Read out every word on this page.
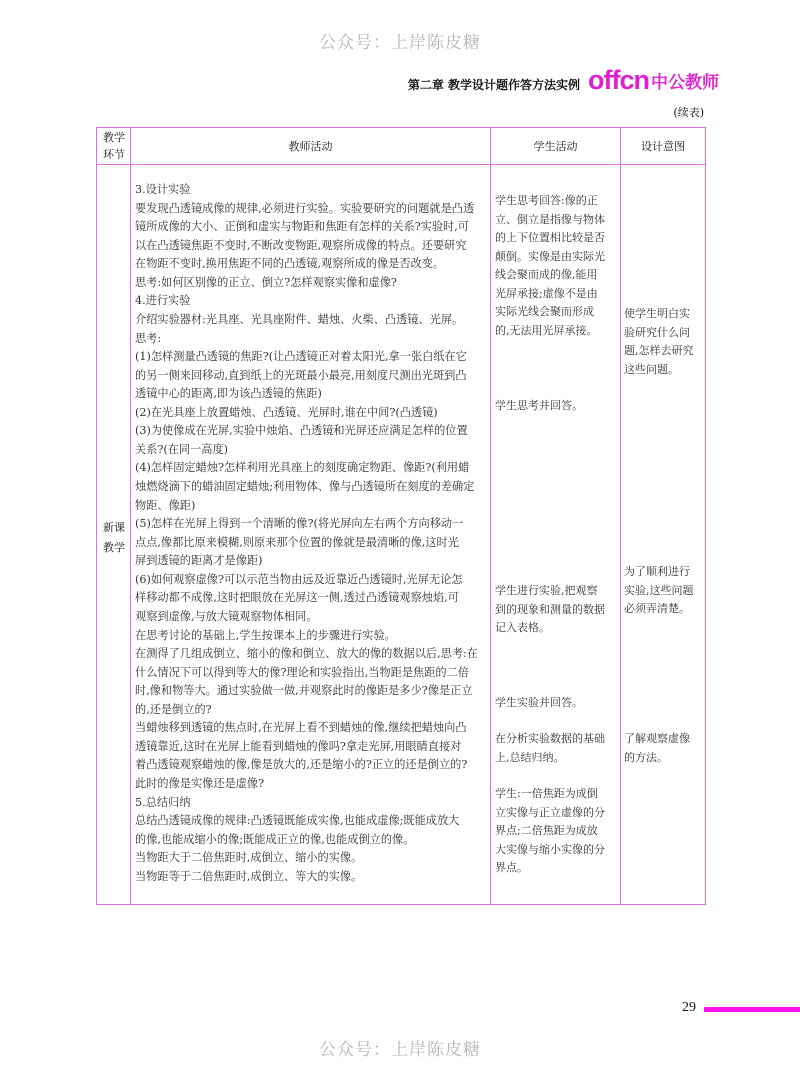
公众号：上岸陈皮糖
第二章 教学设计题作答方法实例 offcn 中公教师
(续表)
教学环节
教师活动	学生活动	设计意图
新课教学
3.设计实验
要发现凸透镜成像的规律,必须进行实验。实验要研究的问题就是凸透
镜所成像的大小、正倒和虚实与物距和焦距有怎样的关系?实验时,可
以在凸透镜焦距不变时,不断改变物距,观察所成像的特点。还要研究
在物距不变时,换用焦距不同的凸透镜,观察所成的像是否改变。
思考:如何区别像的正立、倒立?怎样观察实像和虚像?
4.进行实验
介绍实验器材:光具座、光具座附件、蜡烛、火柴、凸透镜、光屏。
思考:
(1)怎样测量凸透镜的焦距?(让凸透镜正对着太阳光,拿一张白纸在它
的另一侧来回移动,直到纸上的光斑最小最亮,用刻度尺测出光斑到凸
透镜中心的距离,即为该凸透镜的焦距)
(2)在光具座上放置蜡烛、凸透镜、光屏时,谁在中间?(凸透镜)
(3)为使像成在光屏,实验中烛焰、凸透镜和光屏还应满足怎样的位置
关系?(在同一高度)
(4)怎样固定蜡烛?怎样利用光具座上的刻度确定物距、像距?(利用蜡
烛燃烧滴下的蜡油固定蜡烛;利用物体、像与凸透镜所在刻度的差确定
物距、像距)
(5)怎样在光屏上得到一个清晰的像?(将光屏向左右两个方向移动一
点点,像都比原来模糊,则原来那个位置的像就是最清晰的像,这时光
屏到透镜的距离才是像距)
(6)如何观察虚像?可以示范当物由远及近靠近凸透镜时,光屏无论怎
样移动都不成像,这时把眼放在光屏这一侧,透过凸透镜观察烛焰,可
观察到虚像,与放大镜观察物体相同。
在思考讨论的基础上,学生按课本上的步骤进行实验。
在测得了几组成倒立、缩小的像和倒立、放大的像的数据以后,思考:在
什么情况下可以得到等大的像?理论和实验指出,当物距是焦距的二倍
时,像和物等大。通过实验做一做,并观察此时的像距是多少?像是正立
的,还是倒立的?
当蜡烛移到透镜的焦点时,在光屏上看不到蜡烛的像,继续把蜡烛向凸
透镜靠近,这时在光屏上能看到蜡烛的像吗?拿走光屏,用眼睛直接对
着凸透镜观察蜡烛的像,像是放大的,还是缩小的?正立的还是倒立的?
此时的像是实像还是虚像?
5.总结归纳
总结凸透镜成像的规律:凸透镜既能成实像,也能成虚像;既能成放大
的像,也能成缩小的像;既能成正立的像,也能成倒立的像。
当物距大于二倍焦距时,成倒立、缩小的实像。
当物距等于二倍焦距时,成倒立、等大的实像。
学生思考回答:像的正
立、倒立是指像与物体
的上下位置相比较是否
颠倒。实像是由实际光
线会聚而成的像,能用
光屏承接;虚像不是由
实际光线会聚而形成
的,无法用光屏承接。
学生思考并回答。
学生进行实验,把观察
到的现象和测量的数据
记入表格。
学生实验并回答。
在分析实验数据的基础
上,总结归纳。
学生:一倍焦距为成倒
立实像与正立虚像的分
界点;二倍焦距为成放
大实像与缩小实像的分
界点。
使学生明白实
验研究什么问
题,怎样去研究
这些问题。
为了顺利进行
实验,这些问题
必须弄清楚。
了解观察虚像
的方法。
公众号：上岸陈皮糖
29
